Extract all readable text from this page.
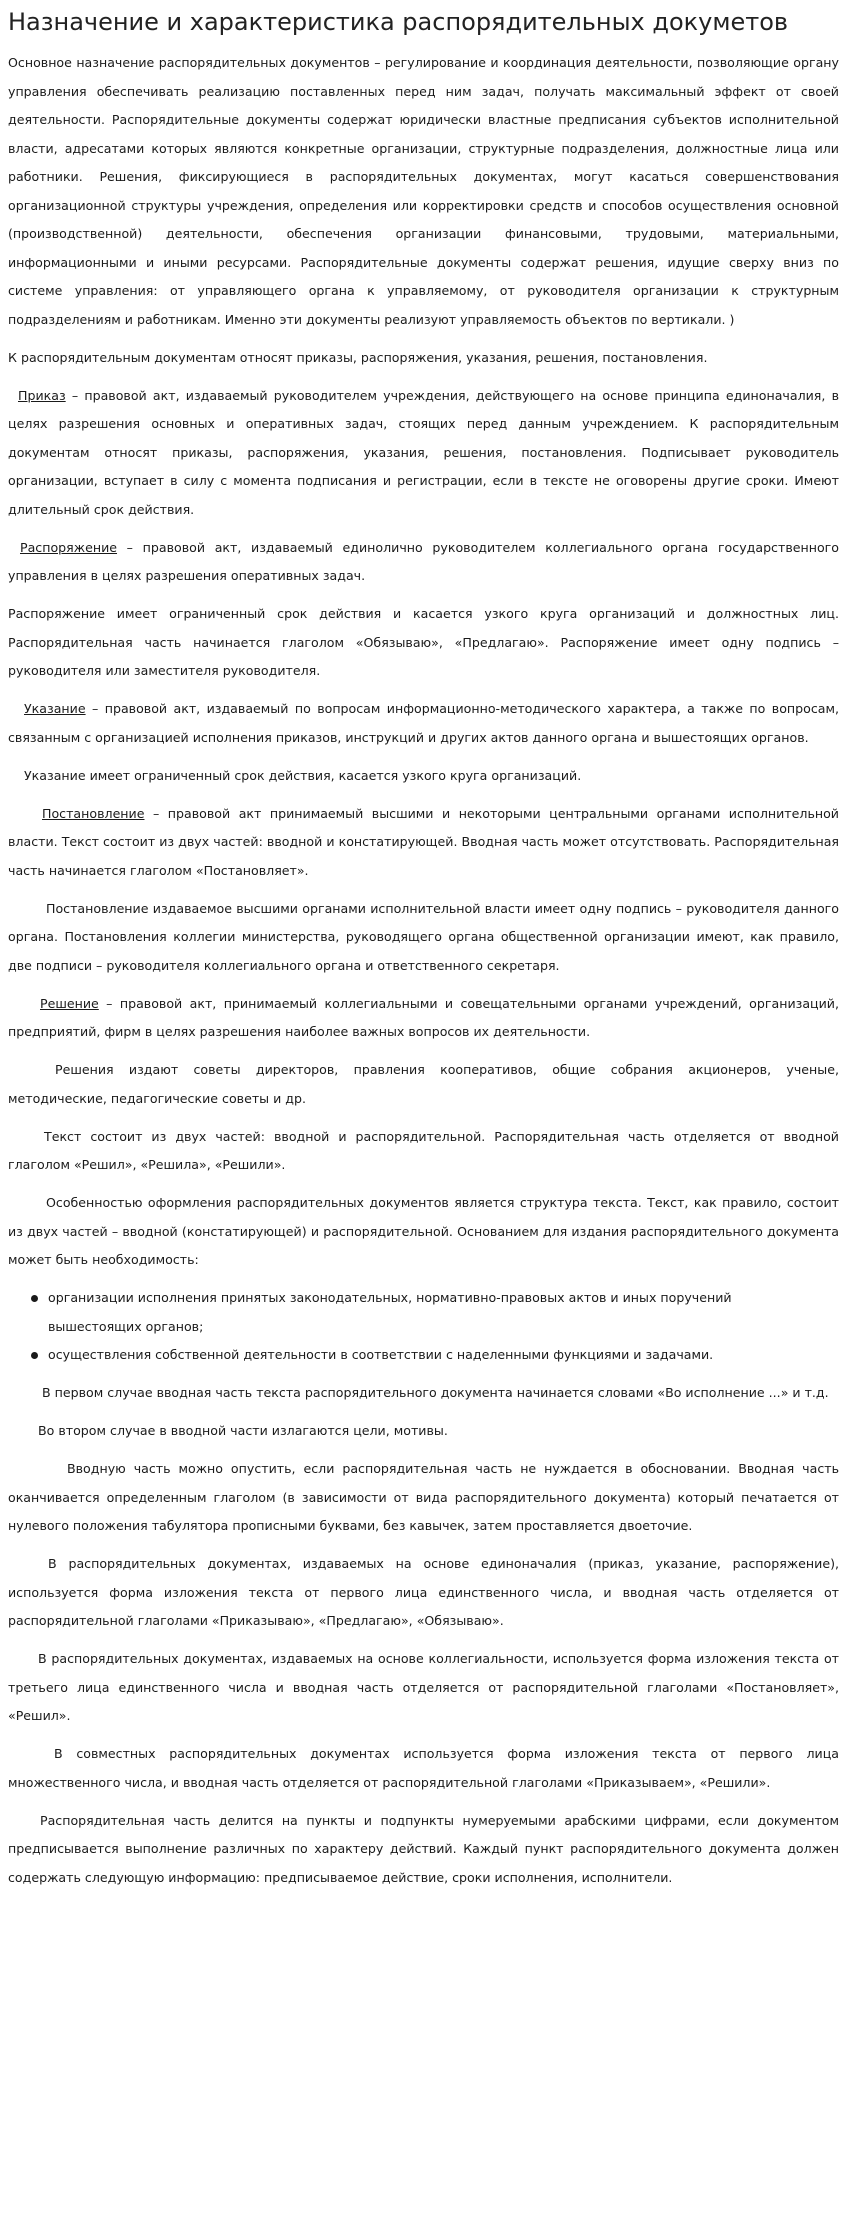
Назначение и характеристика распорядительных докуметов

Основное назначение распорядительных документов – регулирование и координация деятельности, позволяющие органу управления обеспечивать реализацию поставленных перед ним задач, получать максимальный эффект от своей деятельности. Распорядительные документы содержат юридически властные предписания субъектов исполнительной власти, адресатами которых являются конкретные организации, структурные подразделения, должностные лица или работники. Решения, фиксирующиеся в распорядительных документах, могут касаться совершенствования организационной структуры учреждения, определения или корректировки средств и способов осуществления основной (производственной) деятельности, обеспечения организации финансовыми, трудовыми, материальными, информационными и иными ресурсами. Распорядительные документы содержат решения, идущие сверху вниз по системе управления: от управляющего органа к управляемому, от руководителя организации к структурным подразделениям и работникам. Именно эти документы реализуют управляемость объектов по вертикали. )

К распорядительным документам относят приказы, распоряжения, указания, решения, постановления.

Приказ – правовой акт, издаваемый руководителем учреждения, действующего на основе принципа единоначалия, в целях разрешения основных и оперативных задач, стоящих перед данным учреждением. К распорядительным документам относят приказы, распоряжения, указания, решения, постановления. Подписывает руководитель организации, вступает в силу с момента подписания и регистрации, если в тексте не оговорены другие сроки. Имеют длительный срок действия.

Распоряжение – правовой акт, издаваемый единолично руководителем коллегиального органа государственного управления в целях разрешения оперативных задач.

Распоряжение имеет ограниченный срок действия и касается узкого круга организаций и должностных лиц. Распорядительная часть начинается глаголом «Обязываю», «Предлагаю». Распоряжение имеет одну подпись – руководителя или заместителя руководителя.

Указание – правовой акт, издаваемый по вопросам информационно-методического характера, а также по вопросам, связанным с организацией исполнения приказов, инструкций и других актов данного органа и вышестоящих органов.

Указание имеет ограниченный срок действия, касается узкого круга организаций.

Постановление – правовой акт принимаемый высшими и некоторыми центральными органами исполнительной власти. Текст состоит из двух частей: вводной и констатирующей. Вводная часть может отсутствовать. Распорядительная часть начинается глаголом «Постановляет».

Постановление издаваемое высшими органами исполнительной власти имеет одну подпись – руководителя данного органа. Постановления коллегии министерства, руководящего органа общественной организации имеют, как правило, две подписи – руководителя коллегиального органа и ответственного секретаря.

Решение – правовой акт, принимаемый коллегиальными и совещательными органами учреждений, организаций, предприятий, фирм в целях разрешения наиболее важных вопросов их деятельности.

Решения издают советы директоров, правления кооперативов, общие собрания акционеров, ученые, методические, педагогические советы и др.

Текст состоит из двух частей: вводной и распорядительной. Распорядительная часть отделяется от вводной глаголом «Решил», «Решила», «Решили».

Особенностью оформления распорядительных документов является структура текста. Текст, как правило, состоит из двух частей – вводной (констатирующей) и распорядительной. Основанием для издания распорядительного документа может быть необходимость:

организации исполнения принятых законодательных, нормативно-правовых актов и иных поручений вышестоящих органов;
осуществления собственной деятельности в соответствии с наделенными функциями и задачами.

В первом случае вводная часть текста распорядительного документа начинается словами «Во исполнение ...» и т.д.

Во втором случае в вводной части излагаются цели, мотивы.

Вводную часть можно опустить, если распорядительная часть не нуждается в обосновании. Вводная часть оканчивается определенным глаголом (в зависимости от вида распорядительного документа) который печатается от нулевого положения табулятора прописными буквами, без кавычек, затем проставляется двоеточие.

В распорядительных документах, издаваемых на основе единоначалия (приказ, указание, распоряжение), используется форма изложения текста от первого лица единственного числа, и вводная часть отделяется от распорядительной глаголами «Приказываю», «Предлагаю», «Обязываю».

В распорядительных документах, издаваемых на основе коллегиальности, используется форма изложения текста от третьего лица единственного числа и вводная часть отделяется от распорядительной глаголами «Постановляет», «Решил».

В совместных распорядительных документах используется форма изложения текста от первого лица множественного числа, и вводная часть отделяется от распорядительной глаголами «Приказываем», «Решили».

Распорядительная часть делится на пункты и подпункты нумеруемыми арабскими цифрами, если документом предписывается выполнение различных по характеру действий. Каждый пункт распорядительного документа должен содержать следующую информацию: предписываемое действие, сроки исполнения, исполнители.
